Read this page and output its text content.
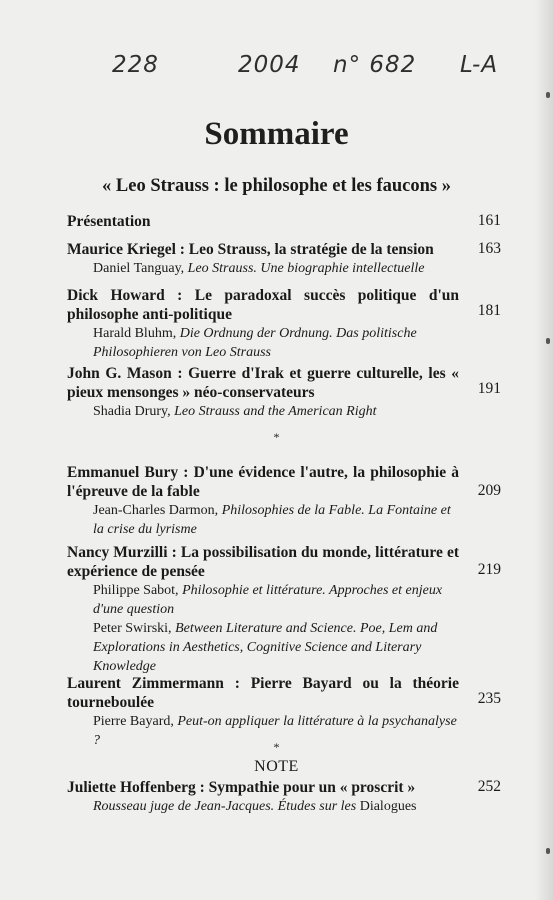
228	2004 n° 682 L-A
Sommaire
« Leo Strauss : le philosophe et les faucons »
Présentation	161
Maurice Kriegel : Leo Strauss, la stratégie de la tension
Daniel Tanguay, Leo Strauss. Une biographie intellectuelle
163
Dick Howard : Le paradoxal succès politique d'un philosophe anti-politique
Harald Bluhm, Die Ordnung der Ordnung. Das politische Philosophieren von Leo Strauss
181
John G. Mason : Guerre d'Irak et guerre culturelle, les « pieux mensonges » néo-conservateurs
Shadia Drury, Leo Strauss and the American Right
191
*
Emmanuel Bury : D'une évidence l'autre, la philosophie à l'épreuve de la fable
Jean-Charles Darmon, Philosophies de la Fable. La Fontaine et la crise du lyrisme
209
Nancy Murzilli : La possibilisation du monde, littérature et expérience de pensée
Philippe Sabot, Philosophie et littérature. Approches et enjeux d'une question
Peter Swirski, Between Literature and Science. Poe, Lem and Explorations in Aesthetics, Cognitive Science and Literary Knowledge
219
Laurent Zimmermann : Pierre Bayard ou la théorie tourneboulée
Pierre Bayard, Peut-on appliquer la littérature à la psychanalyse ?
235
*
NOTE
Juliette Hoffenberg : Sympathie pour un « proscrit »
Rousseau juge de Jean-Jacques. Études sur les Dialogues
252
